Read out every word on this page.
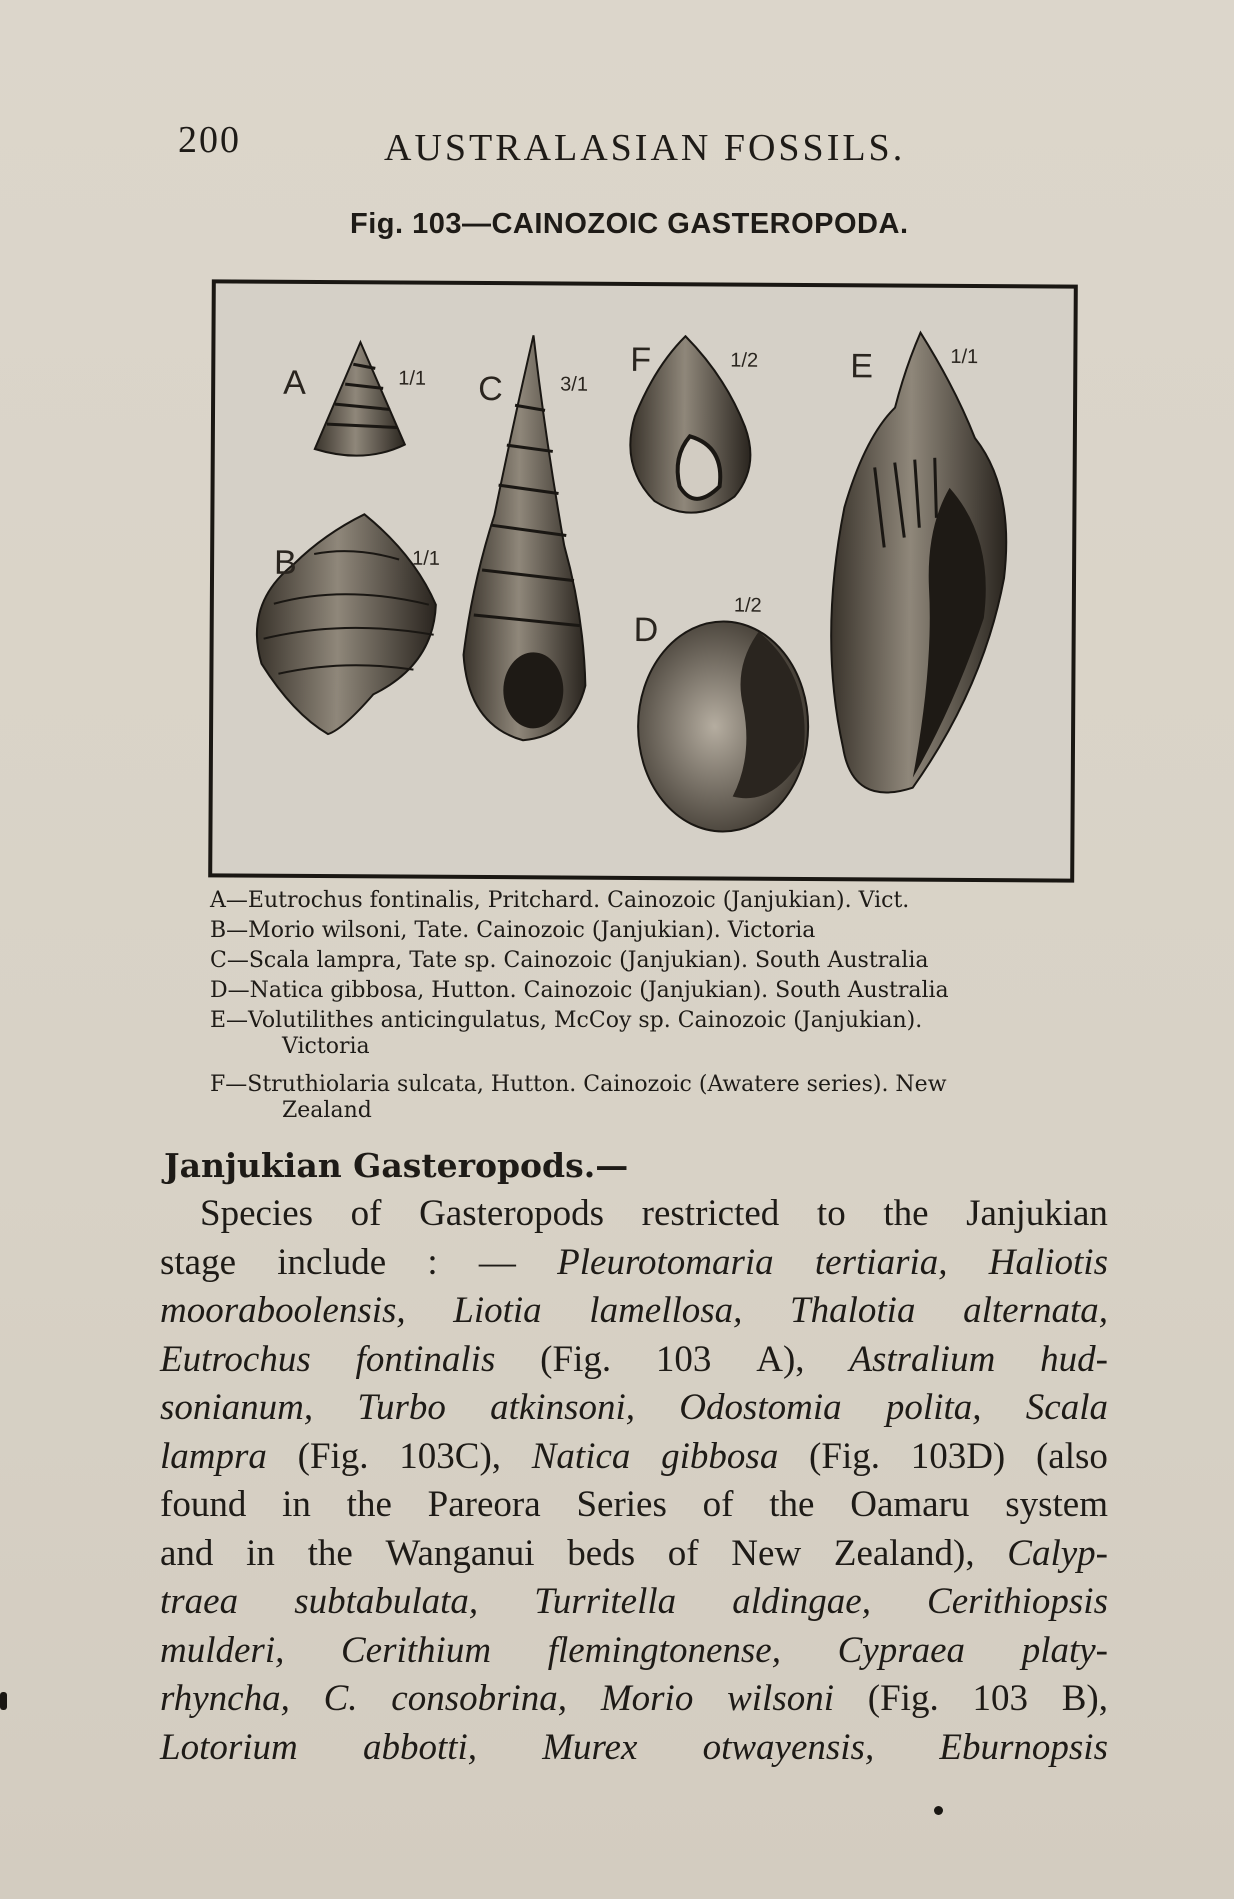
200	AUSTRALASIAN FOSSILS.
Fig. 103—CAINOZOIC GASTEROPODA.
A	1/1
B	1/1
C	3/1
F	1/2
D
1/2
E	1/1
A—Eutrochus fontinalis, Pritchard. Cainozoic (Janjukian). Vict.
B—Morio wilsoni, Tate. Cainozoic (Janjukian). Victoria
C—Scala lampra, Tate sp. Cainozoic (Janjukian). South Australia
D—Natica gibbosa, Hutton. Cainozoic (Janjukian). South Australia
E—Volutilithes anticingulatus, McCoy sp. Cainozoic (Janjukian).
Victoria
F—Struthiolaria sulcata, Hutton. Cainozoic (Awatere series). New
Zealand
Janjukian Gasteropods.—
Species of Gasteropods restricted to the Janjukian
stage include : — Pleurotomaria tertiaria, Haliotis
mooraboolensis, Liotia lamellosa, Thalotia alternata,
Eutrochus fontinalis (Fig. 103 A), Astralium hud-
sonianum, Turbo atkinsoni, Odostomia polita, Scala
lampra (Fig. 103C), Natica gibbosa (Fig. 103D) (also
found in the Pareora Series of the Oamaru system
and in the Wanganui beds of New Zealand), Calyp-
traea subtabulata, Turritella aldingae, Cerithiopsis
mulderi, Cerithium flemingtonense, Cypraea platy-
rhyncha, C. consobrina, Morio wilsoni (Fig. 103 B),
Lotorium abbotti, Murex otwayensis, Eburnopsis
